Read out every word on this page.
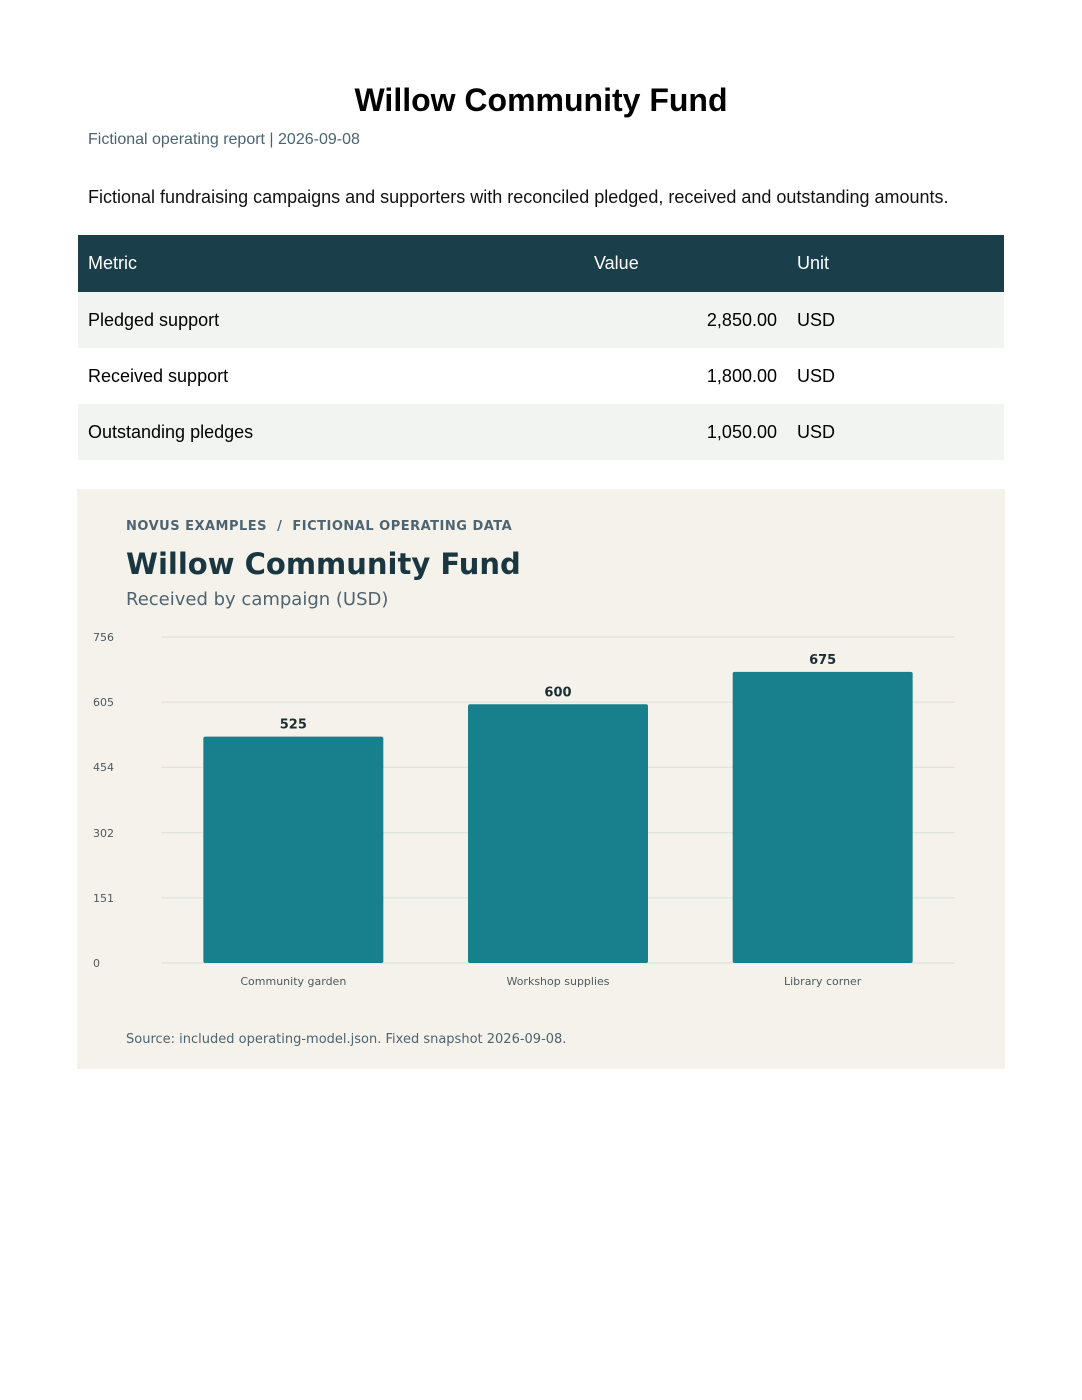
Willow Community Fund
Fictional operating report | 2026-09-08
Fictional fundraising campaigns and supporters with reconciled pledged, received and outstanding amounts.
Metric	Value	Unit
Pledged support	2,850.00	USD
Received support	1,800.00	USD
Outstanding pledges	1,050.00	USD
NOVUS EXAMPLES  /  FICTIONAL OPERATING DATA
Willow Community Fund
Received by campaign (USD)
0
151
302
454
605
756
525
Community garden
600
Workshop supplies
675
Library corner
Source: included operating-model.json. Fixed snapshot 2026-09-08.
